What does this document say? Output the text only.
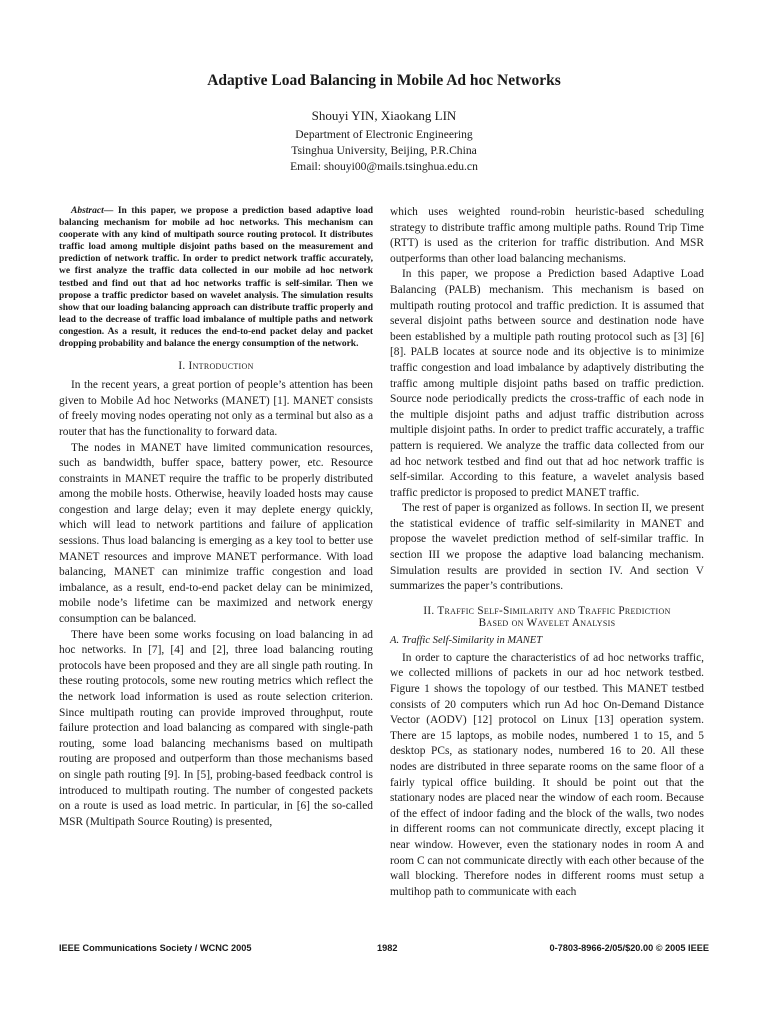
Adaptive Load Balancing in Mobile Ad hoc Networks
Shouyi YIN, Xiaokang LIN
Department of Electronic Engineering
Tsinghua University, Beijing, P.R.China
Email: shouyi00@mails.tsinghua.edu.cn

Abstract— In this paper, we propose a prediction based adaptive load balancing mechanism for mobile ad hoc networks. This mechanism can cooperate with any kind of multipath source routing protocol. It distributes traffic load among multiple disjoint paths based on the measurement and prediction of network traffic. In order to predict network traffic accurately, we first analyze the traffic data collected in our mobile ad hoc network testbed and find out that ad hoc networks traffic is self-similar. Then we propose a traffic predictor based on wavelet analysis. The simulation results show that our loading balancing approach can distribute traffic properly and lead to the decrease of traffic load imbalance of multiple paths and network congestion. As a result, it reduces the end-to-end packet delay and packet dropping probability and balance the energy consumption of the network.

I. Introduction

In the recent years, a great portion of people’s attention has been given to Mobile Ad hoc Networks (MANET) [1]. MANET consists of freely moving nodes operating not only as a terminal but also as a router that has the functionality to forward data.

The nodes in MANET have limited communication resources, such as bandwidth, buffer space, battery power, etc. Resource constraints in MANET require the traffic to be properly distributed among the mobile hosts. Otherwise, heavily loaded hosts may cause congestion and large delay; even it may deplete energy quickly, which will lead to network partitions and failure of application sessions. Thus load balancing is emerging as a key tool to better use MANET resources and improve MANET performance. With load balancing, MANET can minimize traffic congestion and load imbalance, as a result, end-to-end packet delay can be minimized, mobile node’s lifetime can be maximized and network energy consumption can be balanced.

There have been some works focusing on load balancing in ad hoc networks. In [7], [4] and [2], three load balancing routing protocols have been proposed and they are all single path routing. In these routing protocols, some new routing metrics which reflect the the network load information is used as route selection criterion. Since multipath routing can provide improved throughput, route failure protection and load balancing as compared with single-path routing, some load balancing mechanisms based on multipath routing are proposed and outperform than those mechanisms based on single path routing [9]. In [5], probing-based feedback control is introduced to multipath routing. The number of congested packets on a route is used as load metric. In particular, in [6] the so-called MSR (Multipath Source Routing) is presented,

which uses weighted round-robin heuristic-based scheduling strategy to distribute traffic among multiple paths. Round Trip Time (RTT) is used as the criterion for traffic distribution. And MSR outperforms than other load balancing mechanisms.

In this paper, we propose a Prediction based Adaptive Load Balancing (PALB) mechanism. This mechanism is based on multipath routing protocol and traffic prediction. It is assumed that several disjoint paths between source and destination node have been established by a multiple path routing protocol such as [3] [6] [8]. PALB locates at source node and its objective is to minimize traffic congestion and load imbalance by adaptively distributing the traffic among multiple disjoint paths based on traffic prediction. Source node periodically predicts the cross-traffic of each node in the multiple disjoint paths and adjust traffic distribution across multiple disjoint paths. In order to predict traffic accurately, a traffic pattern is requiered. We analyze the traffic data collected from our ad hoc network testbed and find out that ad hoc network traffic is self-similar. According to this feature, a wavelet analysis based traffic predictor is proposed to predict MANET traffic.

The rest of paper is organized as follows. In section II, we present the statistical evidence of traffic self-similarity in MANET and propose the wavelet prediction method of self-similar traffic. In section III we propose the adaptive load balancing mechanism. Simulation results are provided in section IV. And section V summarizes the paper’s contributions.

II. Traffic Self-Similarity and Traffic Prediction
Based on Wavelet Analysis
A. Traffic Self-Similarity in MANET

In order to capture the characteristics of ad hoc networks traffic, we collected millions of packets in our ad hoc network testbed. Figure 1 shows the topology of our testbed. This MANET testbed consists of 20 computers which run Ad hoc On-Demand Distance Vector (AODV) [12] protocol on Linux [13] operation system. There are 15 laptops, as mobile nodes, numbered 1 to 15, and 5 desktop PCs, as stationary nodes, numbered 16 to 20. All these nodes are distributed in three separate rooms on the same floor of a fairly typical office building. It should be point out that the stationary nodes are placed near the window of each room. Because of the effect of indoor fading and the block of the walls, two nodes in different rooms can not communicate directly, except placing it near window. However, even the stationary nodes in room A and room C can not communicate directly with each other because of the wall blocking. Therefore nodes in different rooms must setup a multihop path to communicate with each

IEEE Communications Society / WCNC 2005	1982	0-7803-8966-2/05/$20.00 © 2005 IEEE
